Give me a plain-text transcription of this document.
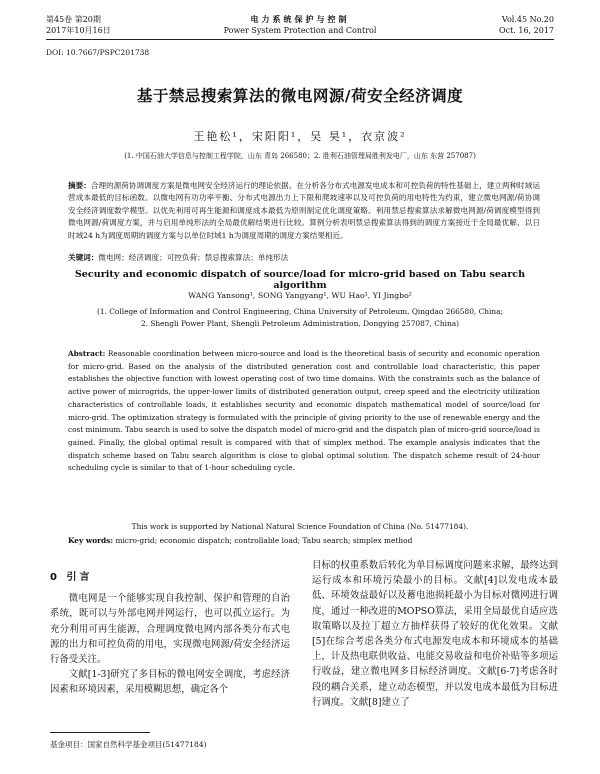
第45卷 第20期
2017年10月16日
电力系统保护与控制
Power System Protection and Control
Vol.45 No.20
Oct. 16, 2017
DOI: 10.7667/PSPC201738
基于禁忌搜索算法的微电网源/荷安全经济调度
王艳松¹，宋阳阳¹，吴 昊¹，衣京波²
(1. 中国石油大学信息与控制工程学院，山东 青岛 266580；2. 胜利石油管理局胜利发电厂，山东 东营 257087)
摘要：合理的源荷协调调度方案是微电网安全经济运行的理论依据。在分析各分布式电源发电成本和可控负荷的特性基础上，建立两种时域运营成本最低的目标函数。以微电网有功功率平衡、分布式电源出力上下限和爬坡速率以及可控负荷的用电特性为约束，建立微电网源/荷协调安全经济调度数学模型。以优先利用可再生能源和调度成本最低为原则制定优化调度策略。利用禁忌搜索算法求解微电网源/荷调度模型得到微电网源/荷调度方案，并与启用单纯形法的全局最优解结果进行比较。算例分析表明禁忌搜索算法得到的调度方案接近于全局最优解，以日时域24 h为调度周期的调度方案与以单位时域1 h为调度周期的调度方案结果相近。
关键词：微电网；经济调度；可控负荷；禁忌搜索算法；单纯形法
Security and economic dispatch of source/load for micro-grid based on Tabu search algorithm
WANG Yansong¹, SONG Yangyang¹, WU Hao¹, YI Jingbo²
(1. College of Information and Control Engineering, China University of Petroleum, Qingdao 266580, China;
2. Shengli Power Plant, Shengli Petroleum Administration, Dongying 257087, China)
Abstract: Reasonable coordination between micro-source and load is the theoretical basis of security and economic operation for micro-grid. Based on the analysis of the distributed generation cost and controllable load characteristic, this paper establishes the objective function with lowest operating cost of two time domains. With the constraints such as the balance of active power of microgrids, the upper-lower limits of distributed generation output, creep speed and the electricity utilization characteristics of controllable loads, it establishes security and economic dispatch mathematical model of source/load for micro-grid. The optimization strategy is formulated with the principle of giving priority to the use of renewable energy and the cost minimum. Tabu search is used to solve the dispatch model of micro-grid and the dispatch plan of micro-grid source/load is gained. Finally, the global optimal result is compared with that of simplex method. The example analysis indicates that the dispatch scheme based on Tabu search algorithm is close to global optimal solution. The dispatch scheme result of 24-hour scheduling cycle is similar to that of 1-hour scheduling cycle.
This work is supported by National Natural Science Foundation of China (No. 51477184).
Key words: micro-grid; economic dispatch; controllable load; Tabu search; simplex method
0 引言

微电网是一个能够实现自我控制、保护和管理的自治系统，既可以与外部电网并网运行，也可以孤立运行。为充分利用可再生能源，合理调度微电网内部各类分布式电源的出力和可控负荷的用电，实现微电网源/荷安全经济运行备受关注。

文献[1-3]研究了多目标的微电网安全调度，考虑经济因素和环境因素，采用模糊思想，确定各个

目标的权重系数后转化为单目标调度问题来求解，最终达到运行成本和环境污染最小的目标。文献[4]以发电成本最低、环境效益最好以及蓄电池损耗最小为目标对微网进行调度，通过一种改进的MOPSO算法，采用全局最优自适应选取策略以及拉丁超立方抽样获得了较好的优化效果。文献[5]在综合考虑各类分布式电源发电成本和环境成本的基础上，计及热电联供收益、电能交易收益和电价补贴等多项运行收益，建立微电网多目标经济调度。文献[6-7]考虑各时段的耦合关系，建立动态模型，并以发电成本最低为目标进行调度。文献[8]建立了

基金项目：国家自然科学基金项目(51477184)
